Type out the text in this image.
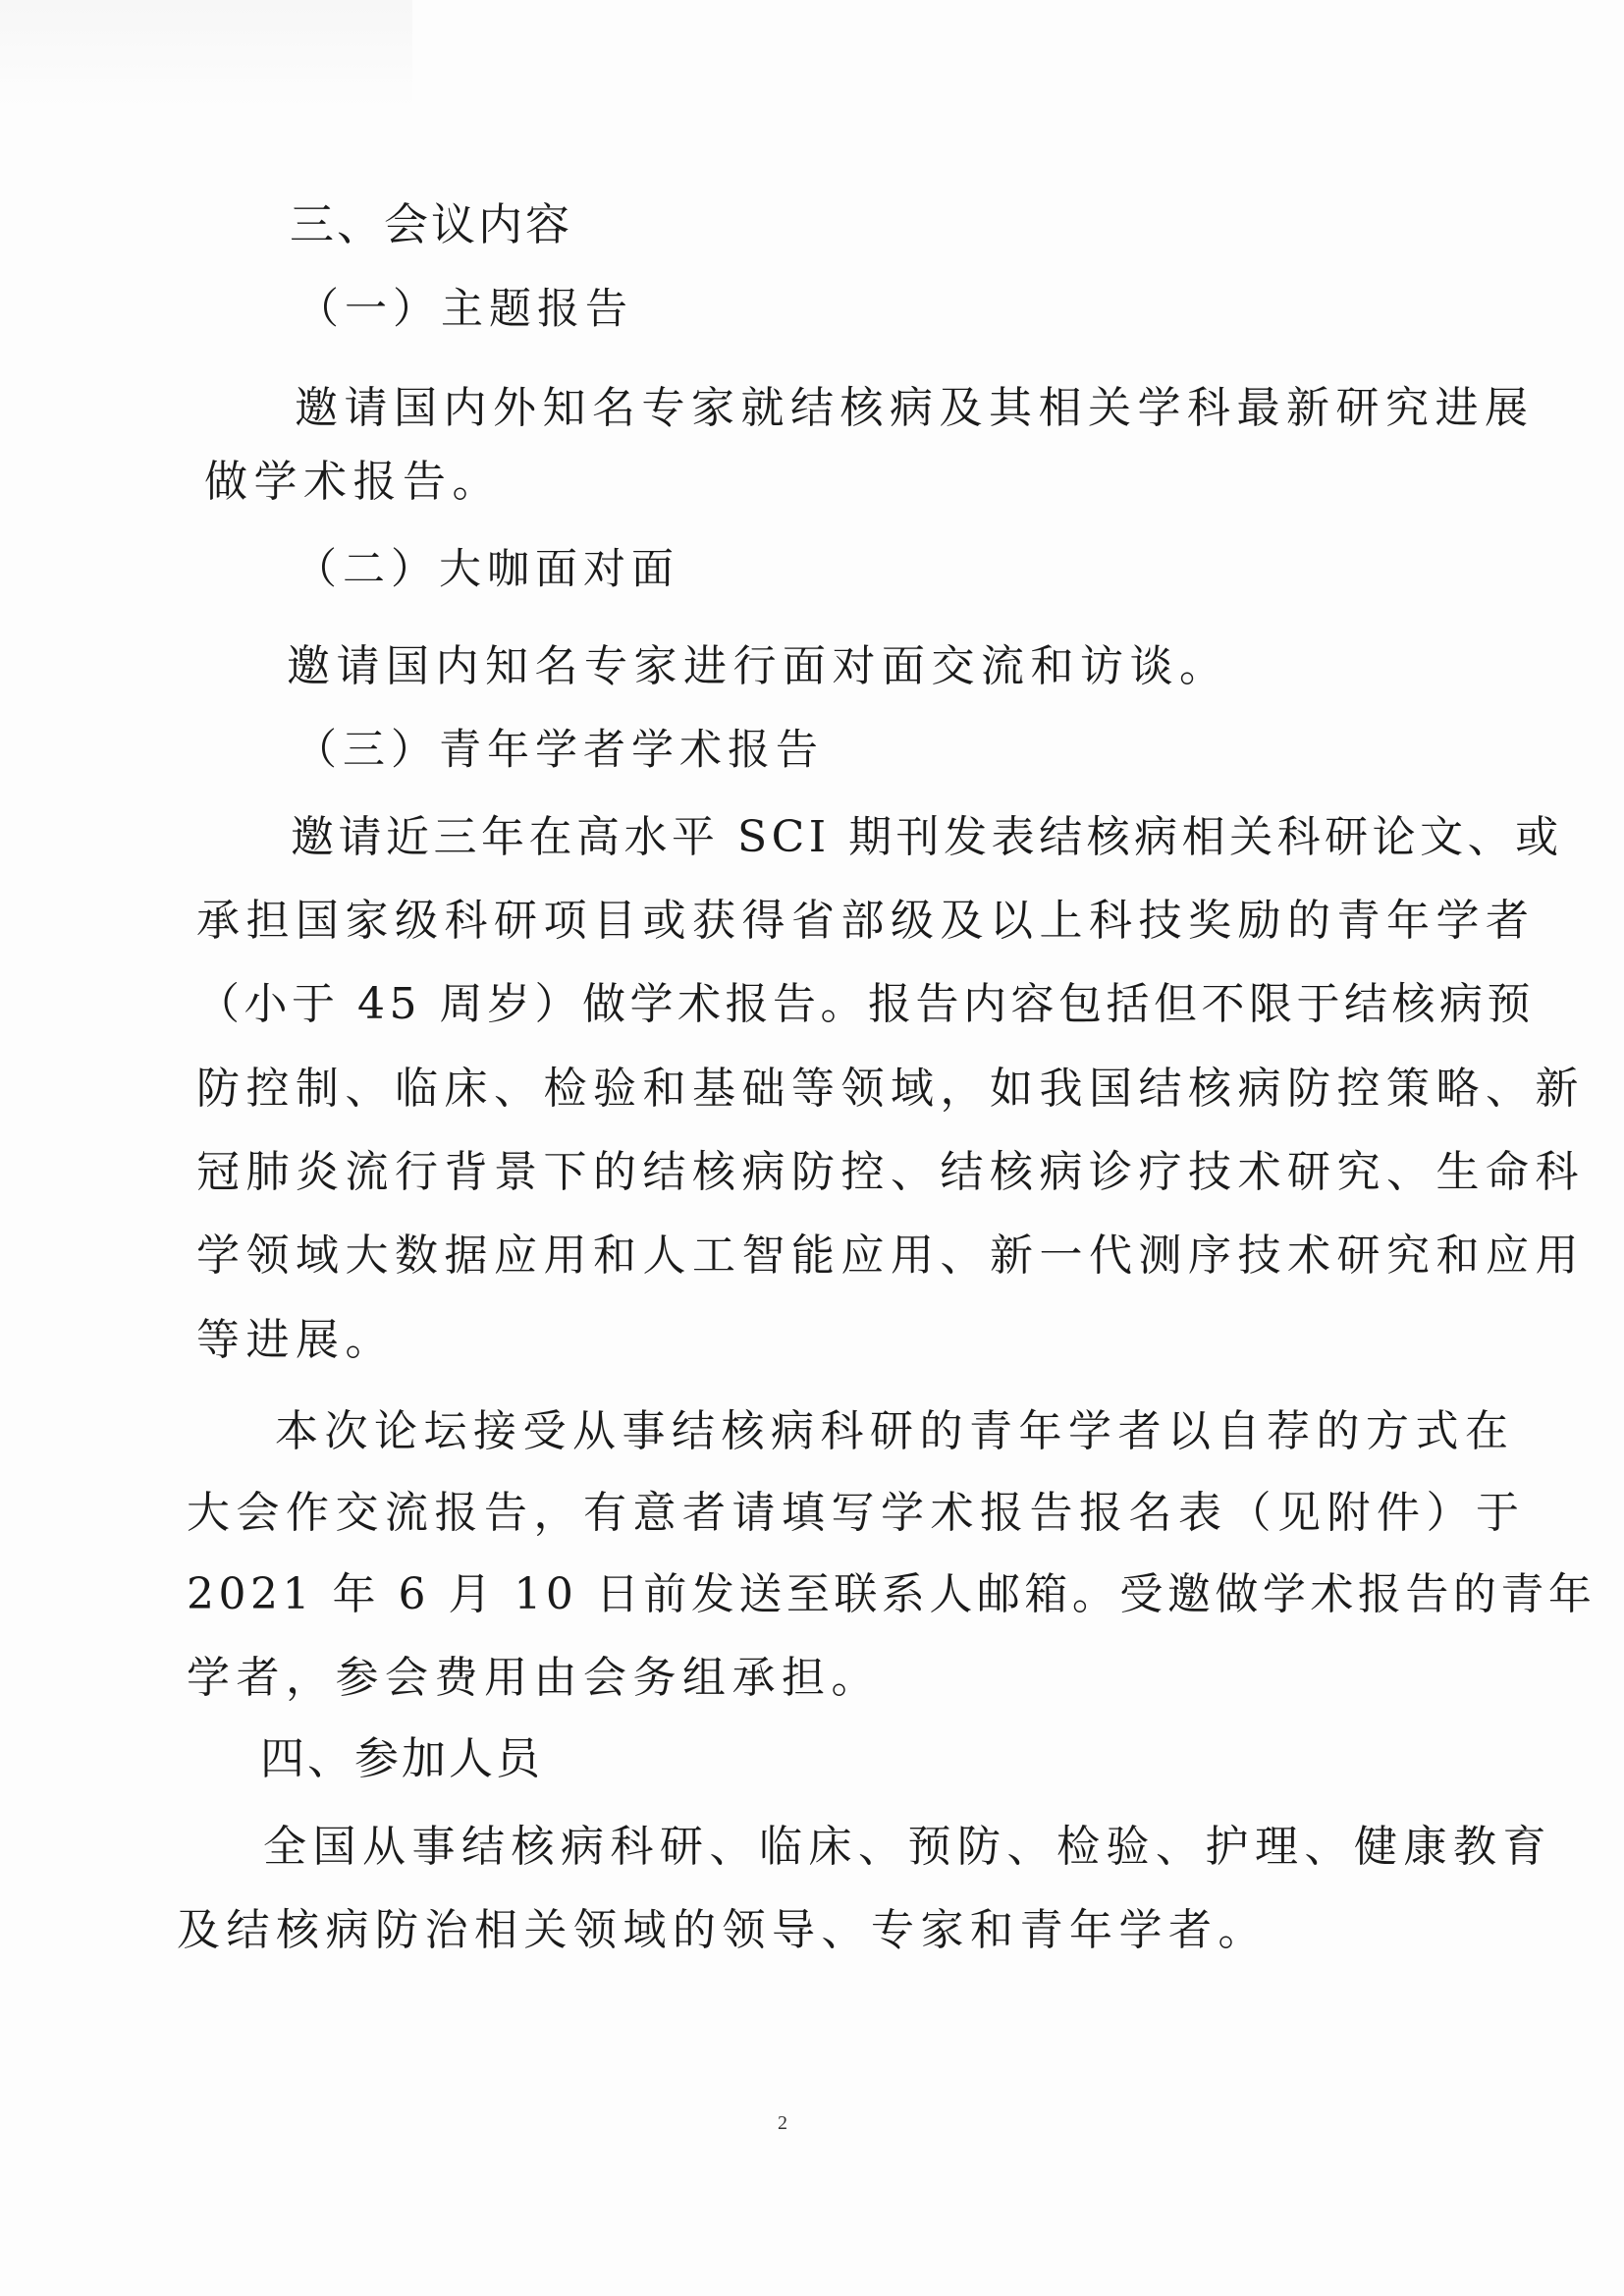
三、会议内容
（一）主题报告
邀请国内外知名专家就结核病及其相关学科最新研究进展
做学术报告。
（二）大咖面对面
邀请国内知名专家进行面对面交流和访谈。
（三）青年学者学术报告
邀请近三年在高水平 SCI 期刊发表结核病相关科研论文、或
承担国家级科研项目或获得省部级及以上科技奖励的青年学者
（小于 45 周岁）做学术报告。报告内容包括但不限于结核病预
防控制、临床、检验和基础等领域，如我国结核病防控策略、新
冠肺炎流行背景下的结核病防控、结核病诊疗技术研究、生命科
学领域大数据应用和人工智能应用、新一代测序技术研究和应用
等进展。
本次论坛接受从事结核病科研的青年学者以自荐的方式在
大会作交流报告，有意者请填写学术报告报名表（见附件）于
2021 年 6 月 10 日前发送至联系人邮箱。受邀做学术报告的青年
学者，参会费用由会务组承担。
四、参加人员
全国从事结核病科研、临床、预防、检验、护理、健康教育
及结核病防治相关领域的领导、专家和青年学者。
2
